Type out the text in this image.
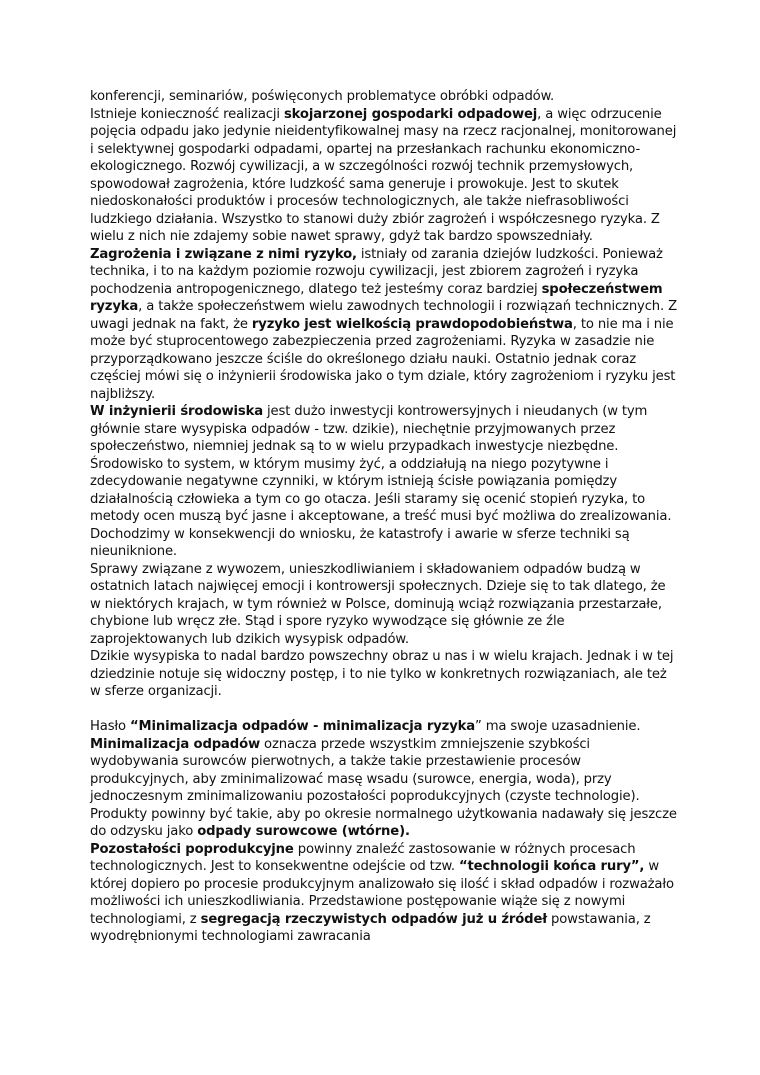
konferencji, seminariów, poświęconych problematyce obróbki odpadów.

Istnieje konieczność realizacji skojarzonej gospodarki odpadowej, a więc odrzucenie pojęcia odpadu jako jedynie nieidentyfikowalnej masy na rzecz racjonalnej, monitorowanej i selektywnej gospodarki odpadami, opartej na przesłankach rachunku ekonomiczno-ekologicznego. Rozwój cywilizacji, a w szczególności rozwój technik przemysłowych, spowodował zagrożenia, które ludzkość sama generuje i prowokuje. Jest to skutek niedoskonałości produktów i procesów technologicznych, ale także niefrasobliwości ludzkiego działania. Wszystko to stanowi duży zbiór zagrożeń i współczesnego ryzyka. Z wielu z nich nie zdajemy sobie nawet sprawy, gdyż tak bardzo spowszedniały.

Zagrożenia i związane z nimi ryzyko, istniały od zarania dziejów ludzkości. Ponieważ technika, i to na każdym poziomie rozwoju cywilizacji, jest zbiorem zagrożeń i ryzyka pochodzenia antropogenicznego, dlatego też jesteśmy coraz bardziej społeczeństwem ryzyka, a także społeczeństwem wielu zawodnych technologii i rozwiązań technicznych. Z uwagi jednak na fakt, że ryzyko jest wielkością prawdopodobieństwa, to nie ma i nie może być stuprocentowego zabezpieczenia przed zagrożeniami. Ryzyka w zasadzie nie przyporządkowano jeszcze ściśle do określonego działu nauki. Ostatnio jednak coraz częściej mówi się o inżynierii środowiska jako o tym dziale, który zagrożeniom i ryzyku jest najbliższy.

W inżynierii środowiska jest dużo inwestycji kontrowersyjnych i nieudanych (w tym głównie stare wysypiska odpadów - tzw. dzikie), niechętnie przyjmowanych przez społeczeństwo, niemniej jednak są to w wielu przypadkach inwestycje niezbędne. Środowisko to system, w którym musimy żyć, a oddziałują na niego pozytywne i zdecydowanie negatywne czynniki, w którym istnieją ścisłe powiązania pomiędzy działalnością człowieka a tym co go otacza. Jeśli staramy się ocenić stopień ryzyka, to metody ocen muszą być jasne i akceptowane, a treść musi być możliwa do zrealizowania. Dochodzimy w konsekwencji do wniosku, że katastrofy i awarie w sferze techniki są nieuniknione.

Sprawy związane z wywozem, unieszkodliwianiem i składowaniem odpadów budzą w ostatnich latach najwięcej emocji i kontrowersji społecznych. Dzieje się to tak dlatego, że w niektórych krajach, w tym również w Polsce, dominują wciąż rozwiązania przestarzałe, chybione lub wręcz złe. Stąd i spore ryzyko wywodzące się głównie ze źle zaprojektowanych lub dzikich wysypisk odpadów.

Dzikie wysypiska to nadal bardzo powszechny obraz u nas i w wielu krajach. Jednak i w tej dziedzinie notuje się widoczny postęp, i to nie tylko w konkretnych rozwiązaniach, ale też w sferze organizacji.

Hasło “Minimalizacja odpadów - minimalizacja ryzyka” ma swoje uzasadnienie. Minimalizacja odpadów oznacza przede wszystkim zmniejszenie szybkości wydobywania surowców pierwotnych, a także takie przestawienie procesów produkcyjnych, aby zminimalizować masę wsadu (surowce, energia, woda), przy jednoczesnym zminimalizowaniu pozostałości poprodukcyjnych (czyste technologie). Produkty powinny być takie, aby po okresie normalnego użytkowania nadawały się jeszcze do odzysku jako odpady surowcowe (wtórne).

Pozostałości poprodukcyjne powinny znaleźć zastosowanie w różnych procesach technologicznych. Jest to konsekwentne odejście od tzw. “technologii końca rury”, w której dopiero po procesie produkcyjnym analizowało się ilość i skład odpadów i rozważało możliwości ich unieszkodliwiania. Przedstawione postępowanie wiąże się z nowymi technologiami, z segregacją rzeczywistych odpadów już u źródeł powstawania, z wyodrębnionymi technologiami zawracania
